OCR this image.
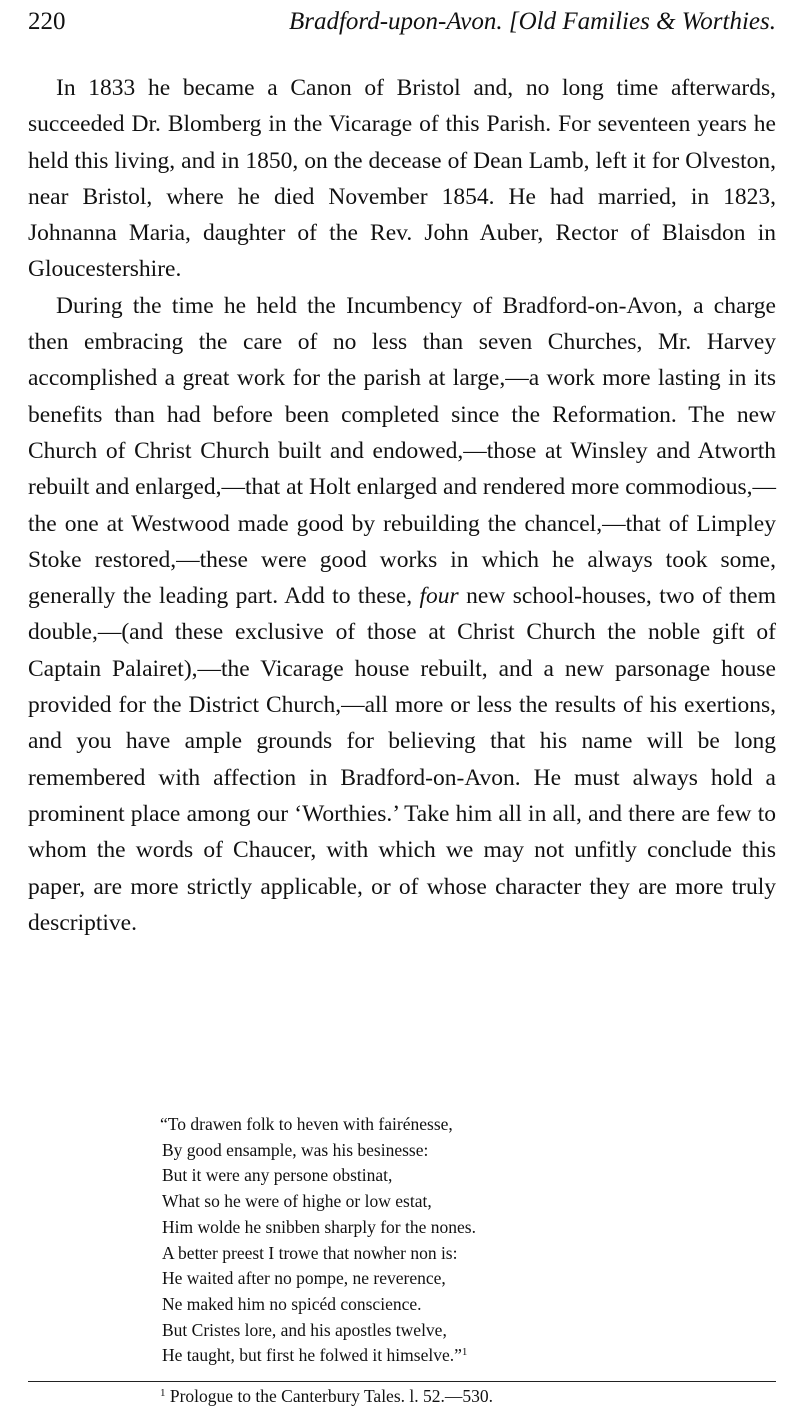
220	Bradford-upon-Avon. [Old Families & Worthies.

In 1833 he became a Canon of Bristol and, no long time afterwards, succeeded Dr. Blomberg in the Vicarage of this Parish. For seventeen years he held this living, and in 1850, on the decease of Dean Lamb, left it for Olveston, near Bristol, where he died November 1854. He had married, in 1823, Johnanna Maria, daughter of the Rev. John Auber, Rector of Blaisdon in Gloucestershire.

During the time he held the Incumbency of Bradford-on-Avon, a charge then embracing the care of no less than seven Churches, Mr. Harvey accomplished a great work for the parish at large,—a work more lasting in its benefits than had before been completed since the Reformation. The new Church of Christ Church built and endowed,—those at Winsley and Atworth rebuilt and enlarged,—that at Holt enlarged and rendered more commodious,—the one at Westwood made good by rebuilding the chancel,—that of Limpley Stoke restored,—these were good works in which he always took some, generally the leading part. Add to these, four new school-houses, two of them double,—(and these exclusive of those at Christ Church the noble gift of Captain Palairet),—the Vicarage house rebuilt, and a new parsonage house provided for the District Church,—all more or less the results of his exertions, and you have ample grounds for believing that his name will be long remembered with affection in Bradford-on-Avon. He must always hold a prominent place among our ‘Worthies.’ Take him all in all, and there are few to whom the words of Chaucer, with which we may not unfitly conclude this paper, are more strictly applicable, or of whose character they are more truly descriptive.

“To drawen folk to heven with fairénesse,
By good ensample, was his besinesse:
But it were any persone obstinat,
What so he were of highe or low estat,
Him wolde he snibben sharply for the nones.
A better preest I trowe that nowher non is:
He waited after no pompe, ne reverence,
Ne maked him no spicéd conscience.
But Cristes lore, and his apostles twelve,
He taught, but first he folwed it himselve.”$^1$
$^1$ Prologue to the Canterbury Tales. l. 52.—530.
